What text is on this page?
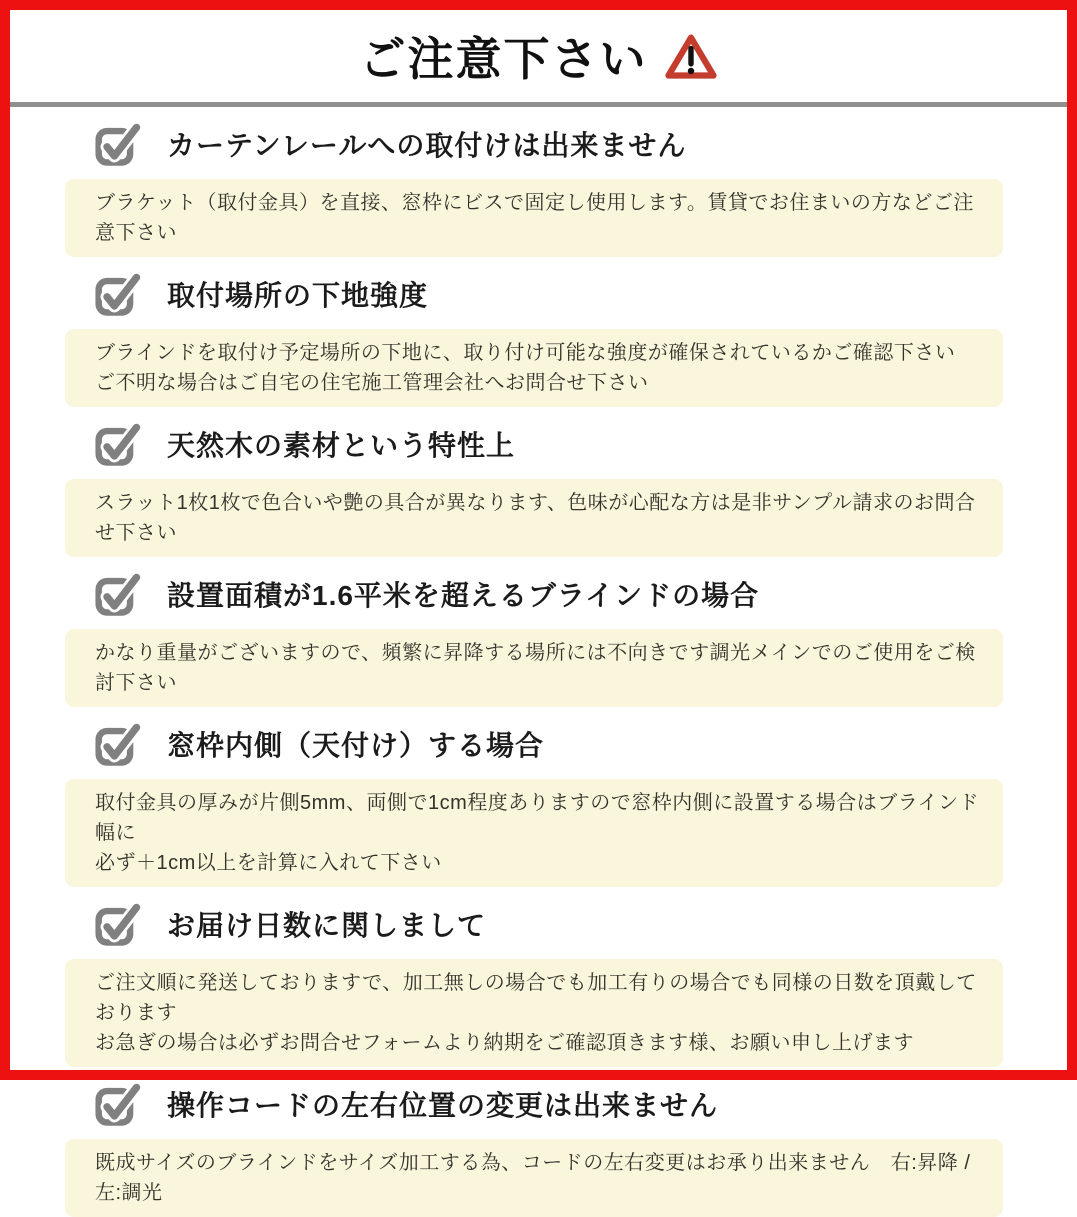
ご注意下さい
カーテンレールへの取付けは出来ません
ブラケット（取付金具）を直接、窓枠にビスで固定し使用します。賃貸でお住まいの方などご注意下さい
取付場所の下地強度
ブラインドを取付け予定場所の下地に、取り付け可能な強度が確保されているかご確認下さい
ご不明な場合はご自宅の住宅施工管理会社へお問合せ下さい
天然木の素材という特性上
スラット1枚1枚で色合いや艶の具合が異なります、色味が心配な方は是非サンプル請求のお問合せ下さい
設置面積が1.6平米を超えるブラインドの場合
かなり重量がございますので、頻繁に昇降する場所には不向きです調光メインでのご使用をご検討下さい
窓枠内側（天付け）する場合
取付金具の厚みが片側5mm、両側で1cm程度ありますので窓枠内側に設置する場合はブラインド幅に
必ず＋1cm以上を計算に入れて下さい
お届け日数に関しまして
ご注文順に発送しておりますで、加工無しの場合でも加工有りの場合でも同様の日数を頂戴しております
お急ぎの場合は必ずお問合せフォームより納期をご確認頂きます様、お願い申し上げます
操作コードの左右位置の変更は出来ません
既成サイズのブラインドをサイズ加工する為、コードの左右変更はお承り出来ません　右:昇降 / 左:調光
